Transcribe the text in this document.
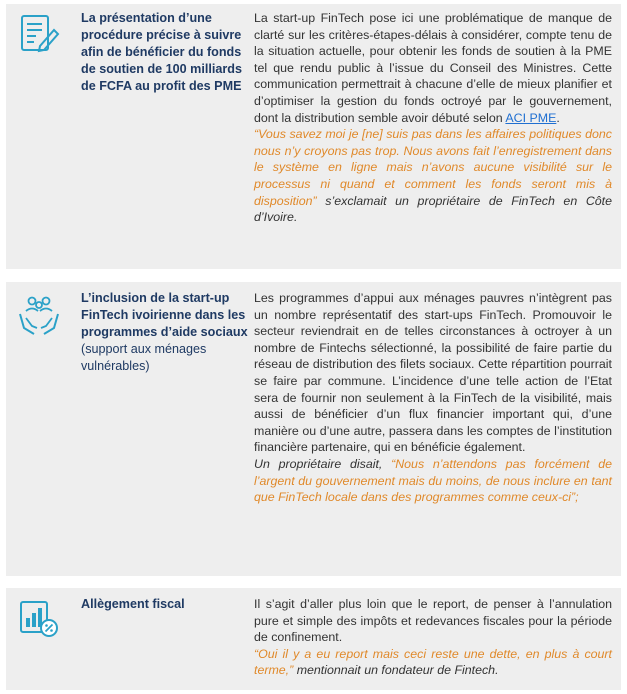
La présentation d’une procédure précise à suivre afin de bénéficier du fonds de soutien de 100 milliards de FCFA au profit des PME

La start-up FinTech pose ici une problématique de manque de clarté sur les critères-étapes-délais à considérer, compte tenu de la situation actuelle, pour obtenir les fonds de soutien à la PME tel que rendu public à l’issue du Conseil des Ministres. Cette communication permettrait à chacune d’elle de mieux planifier et d’optimiser la gestion du fonds octroyé par le gouvernement, dont la distribution semble avoir débuté selon ACI PME.

“Vous savez moi je [ne] suis pas dans les affaires politiques donc nous n’y croyons pas trop. Nous avons fait l’enregistrement dans le système en ligne mais n’avons aucune visibilité sur le processus ni quand et comment les fonds seront mis à disposition” s’exclamait un propriétaire de FinTech en Côte d’Ivoire.

L’inclusion de la start-up FinTech ivoirienne dans les programmes d’aide sociaux (support aux ménages vulnérables)

Les programmes d’appui aux ménages pauvres n’intègrent pas un nombre représentatif des start-ups FinTech. Promouvoir le secteur reviendrait en de telles circonstances à octroyer à un nombre de Fintechs sélectionné, la possibilité de faire partie du réseau de distribution des filets sociaux. Cette répartition pourrait se faire par commune. L’incidence d’une telle action de l’Etat sera de fournir non seulement à la FinTech de la visibilité, mais aussi de bénéficier d’un flux financier important qui, d’une manière ou d’une autre, passera dans les comptes de l’institution financière partenaire, qui en bénéficie également.

Un propriétaire disait, “Nous n’attendons pas forcément de l’argent du gouvernement mais du moins, de nous inclure en tant que FinTech locale dans des programmes comme ceux-ci”;

Allègement fiscal	Il s’agit d’aller plus loin que le report, de penser à l’annulation pure et simple des impôts et redevances fiscales pour la période de confinement.

“Oui il y a eu report mais ceci reste une dette, en plus à court terme,” mentionnait un fondateur de Fintech.
